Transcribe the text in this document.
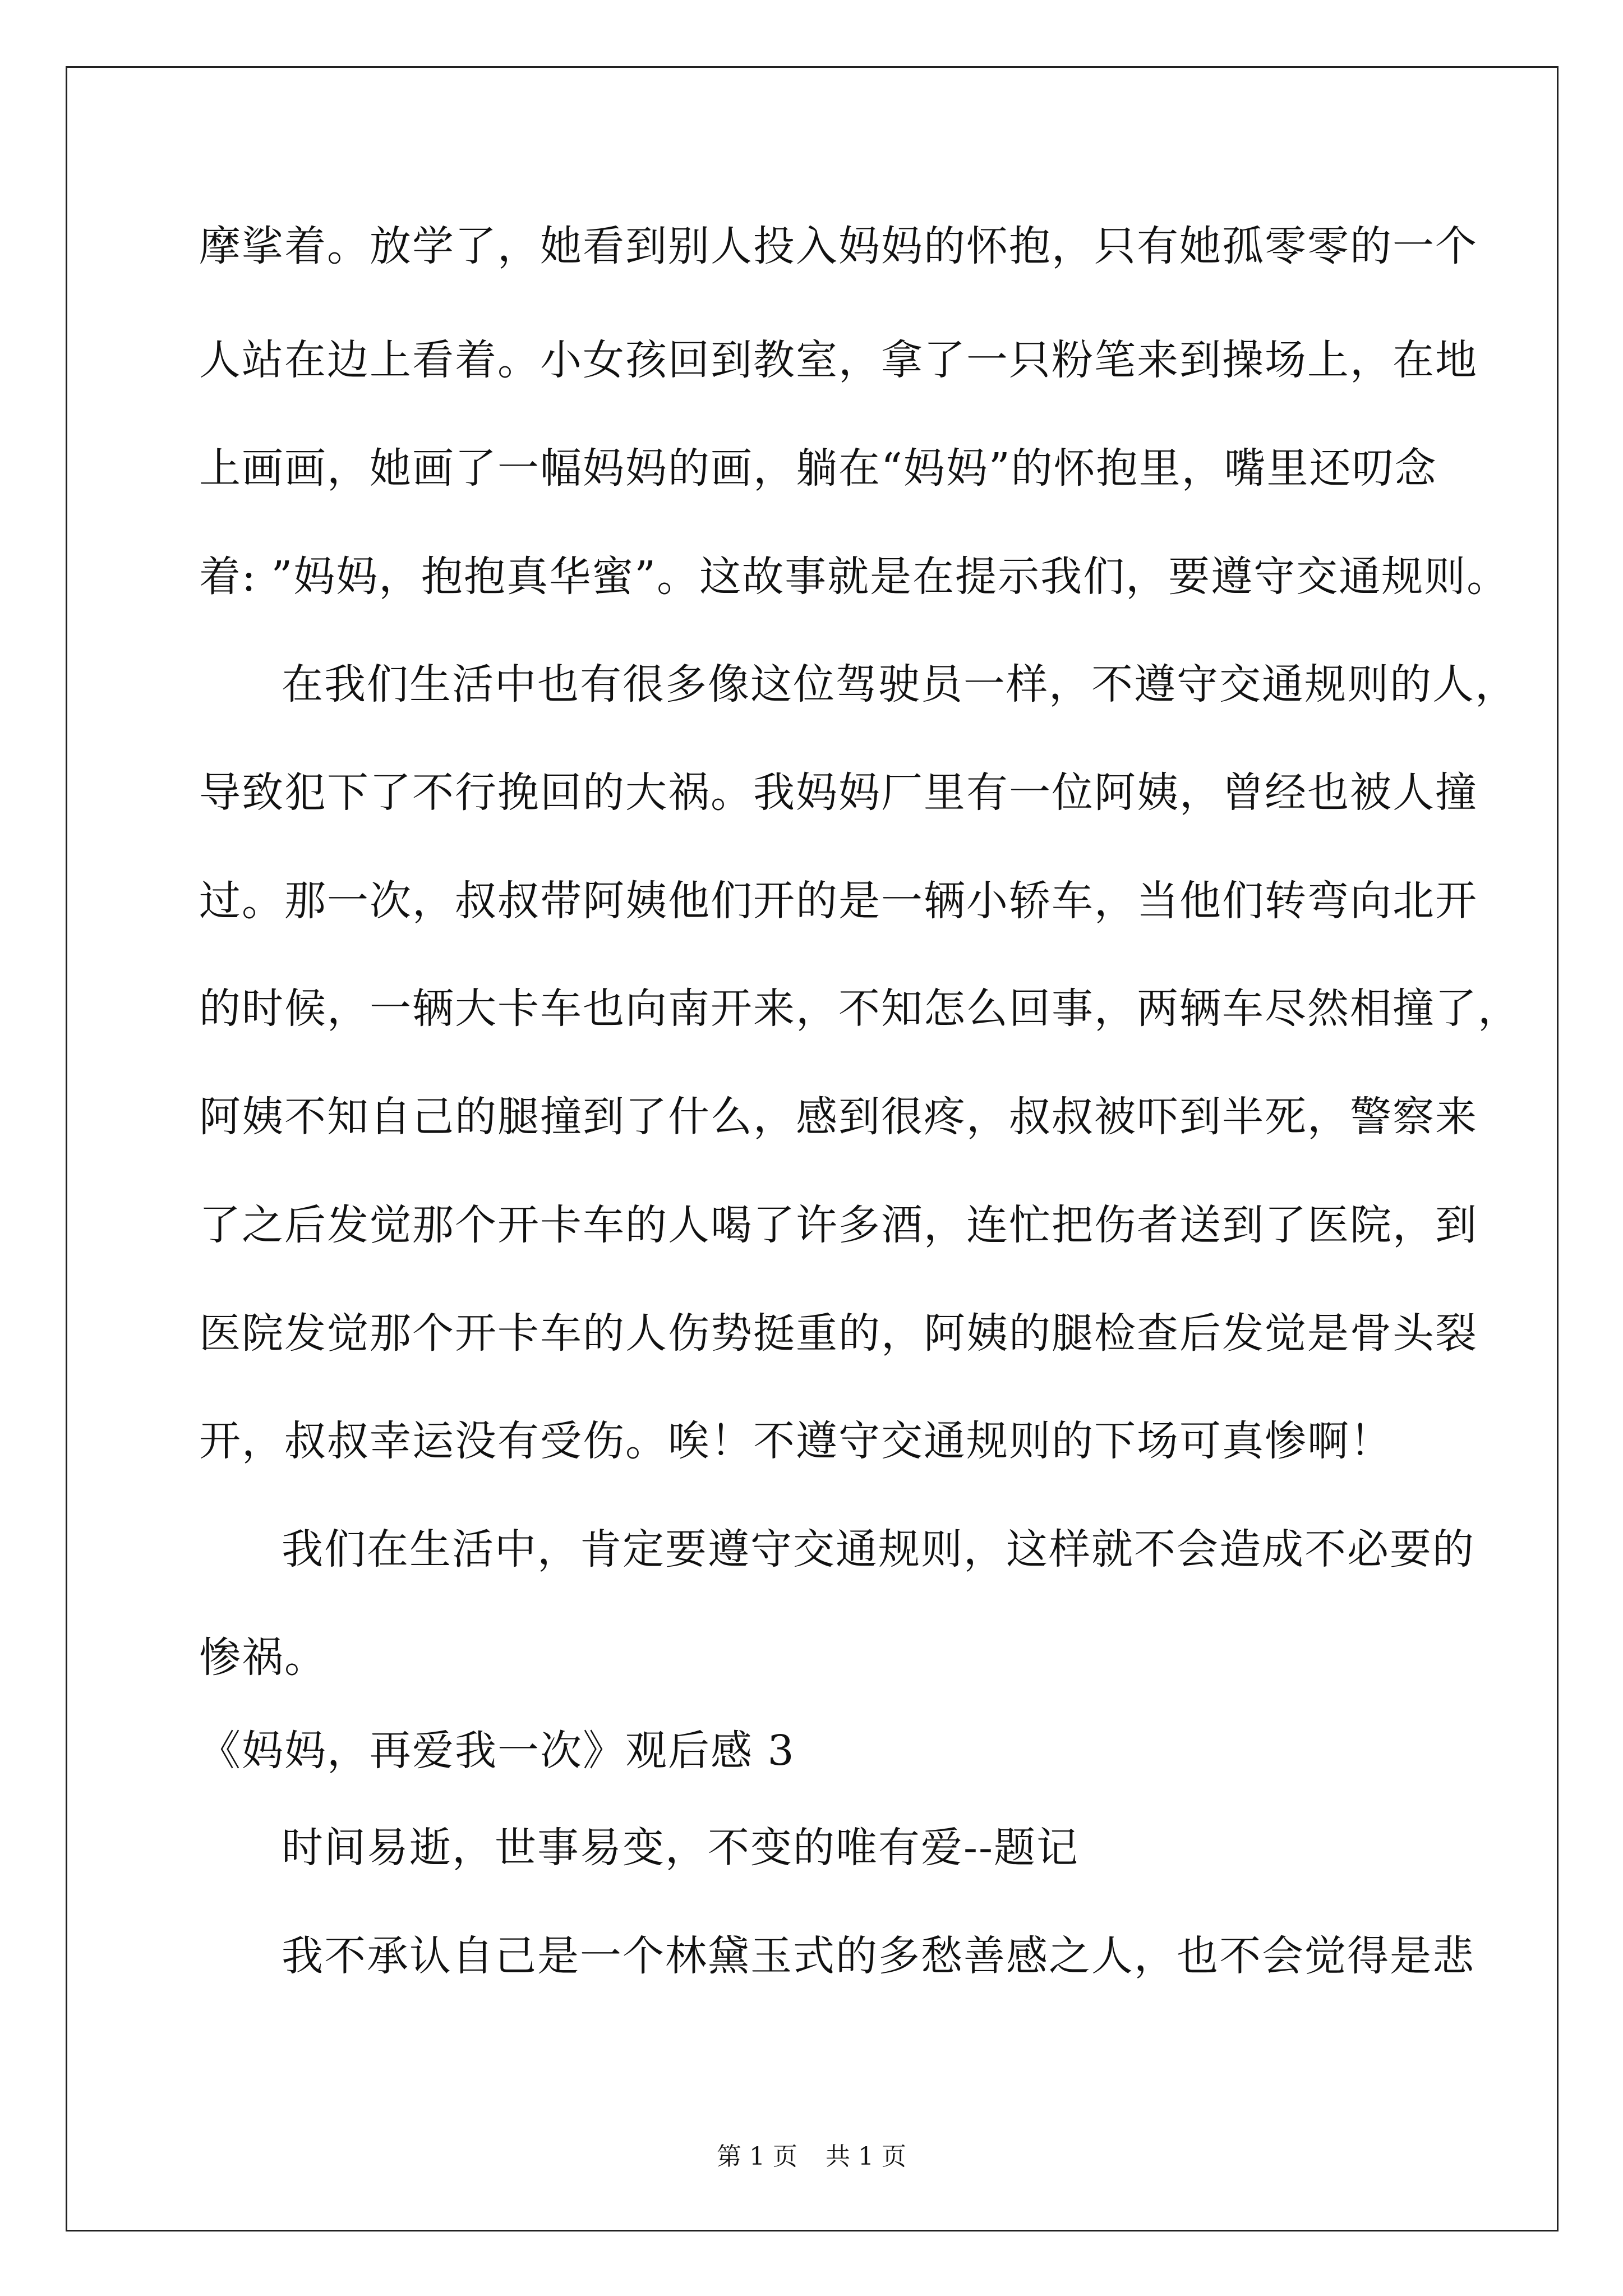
摩挲着。放学了，她看到别人投入妈妈的怀抱，只有她孤零零的一个
人站在边上看着。小女孩回到教室，拿了一只粉笔来到操场上，在地
上画画，她画了一幅妈妈的画，躺在“妈妈”的怀抱里，嘴里还叨念
着: ”妈妈，抱抱真华蜜”。这故事就是在提示我们，要遵守交通规则。
在我们生活中也有很多像这位驾驶员一样，不遵守交通规则的人，
导致犯下了不行挽回的大祸。我妈妈厂里有一位阿姨，曾经也被人撞
过。那一次，叔叔带阿姨他们开的是一辆小轿车，当他们转弯向北开
的时候，一辆大卡车也向南开来，不知怎么回事，两辆车尽然相撞了，
阿姨不知自己的腿撞到了什么，感到很疼，叔叔被吓到半死，警察来
了之后发觉那个开卡车的人喝了许多酒，连忙把伤者送到了医院，到
医院发觉那个开卡车的人伤势挺重的，阿姨的腿检查后发觉是骨头裂
开，叔叔幸运没有受伤。唉！不遵守交通规则的下场可真惨啊！
我们在生活中，肯定要遵守交通规则，这样就不会造成不必要的
惨祸。
《妈妈，再爱我一次》观后感 3
时间易逝，世事易变，不变的唯有爱--题记
我不承认自己是一个林黛玉式的多愁善感之人，也不会觉得是悲
第 1 页 共 1 页
